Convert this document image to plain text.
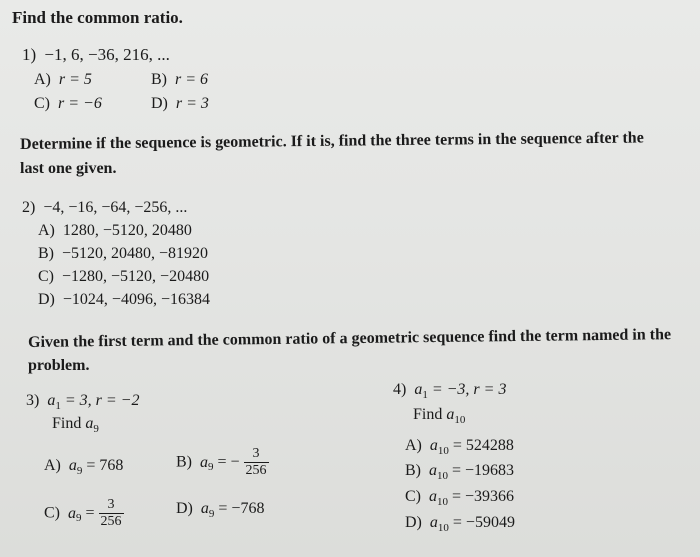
Find the common ratio.
1) −1, 6, −36, 216, ...
A) r = 5	B) r = 6
C) r = −6	D) r = 3
Determine if the sequence is geometric. If it is, find the three terms in the sequence after the
last one given.
2) −4, −16, −64, −256, ...
A) 1280, −5120, 20480
B) −5120, 20480, −81920
C) −1280, −5120, −20480
D) −1024, −4096, −16384
Given the first term and the common ratio of a geometric sequence find the term named in the
problem.
3) $a_1 = 3$, r = −2
Find $a_9$
A) $a_9 = 768$	B) $a_9$ = − $\frac{3}{256}$
C) $a_9 = \frac{3}{256}$	D) $a_9 = -768$
4) $a_1 = -3$, r = 3
Find $a_{10}$
A) $a_{10} = 524288$
B) $a_{10} = -19683$
C) $a_{10} = -39366$
D) $a_{10} = -59049$
